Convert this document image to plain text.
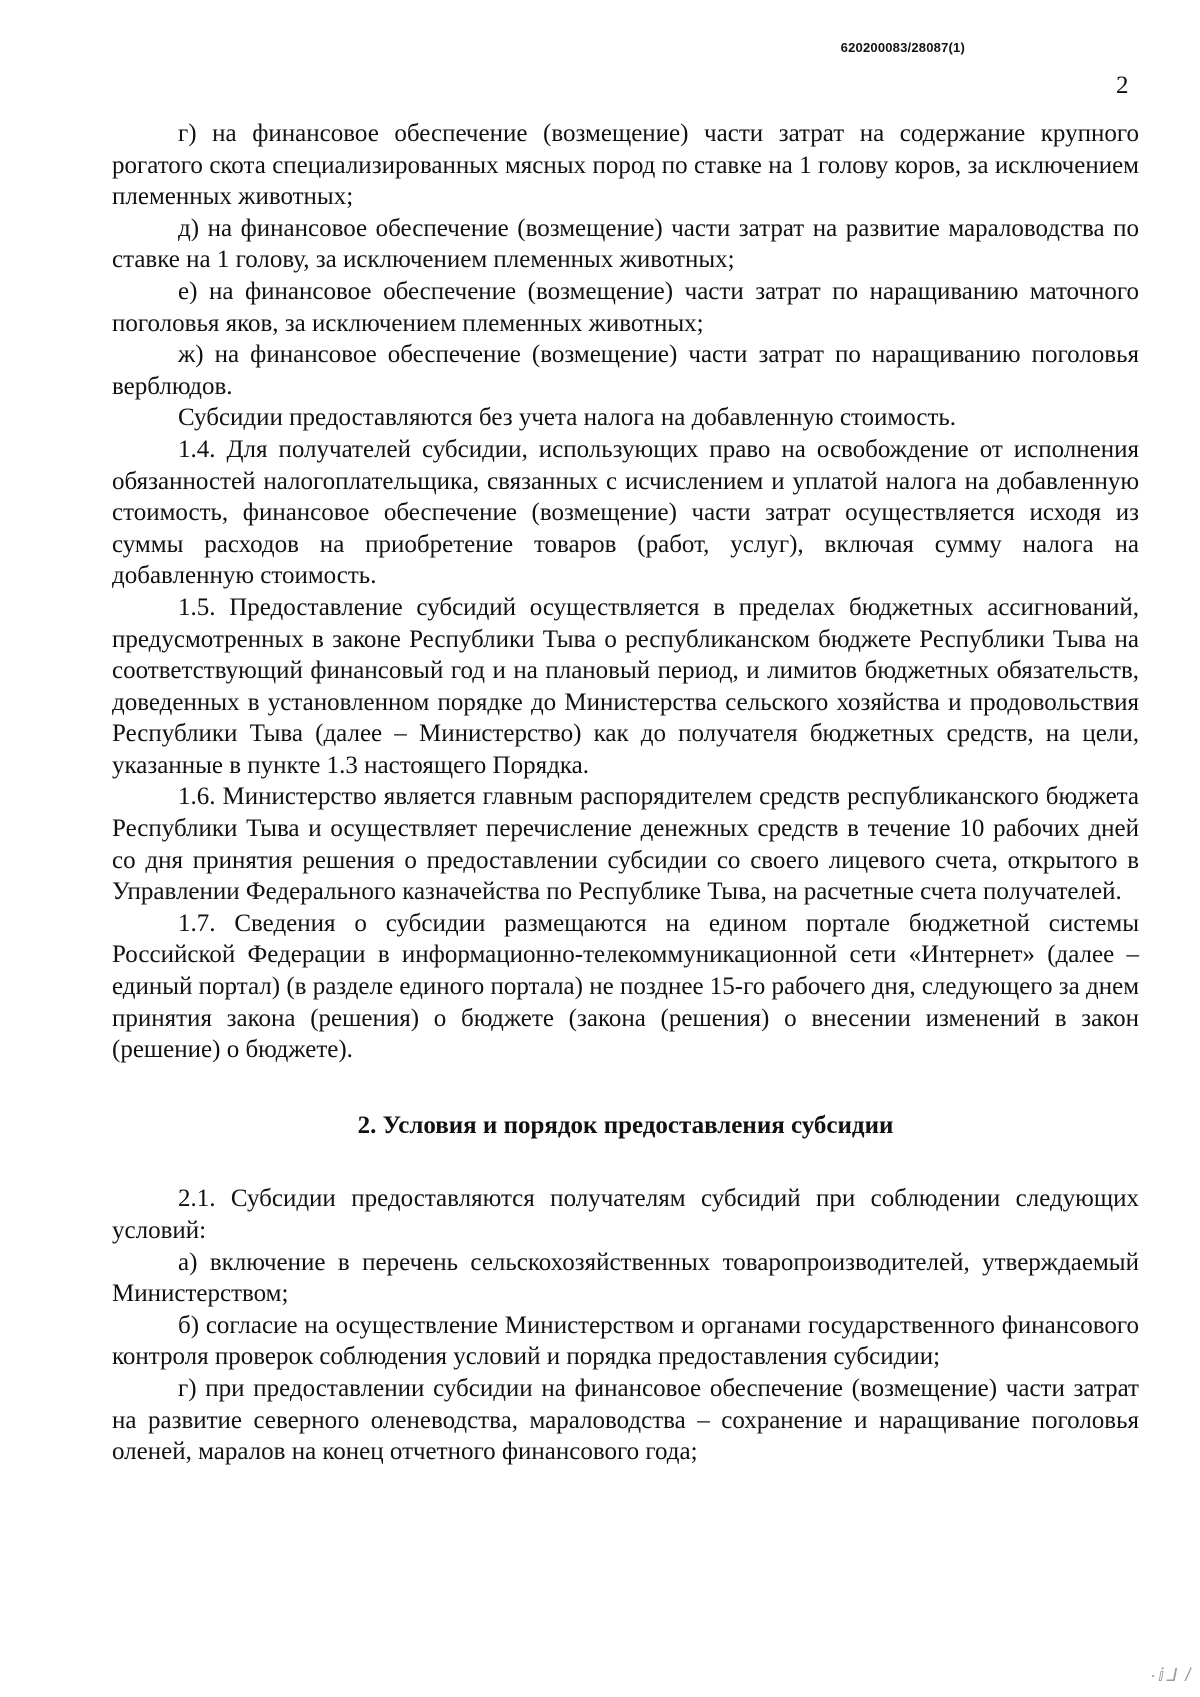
620200083/28087(1)
2

г) на финансовое обеспечение (возмещение) части затрат на содержание крупного рогатого скота специализированных мясных пород по ставке на 1 голову коров, за исключением племенных животных;

д) на финансовое обеспечение (возмещение) части затрат на развитие мараловодства по ставке на 1 голову, за исключением племенных животных;

е) на финансовое обеспечение (возмещение) части затрат по наращиванию маточного поголовья яков, за исключением племенных животных;

ж) на финансовое обеспечение (возмещение) части затрат по наращиванию поголовья верблюдов.

Субсидии предоставляются без учета налога на добавленную стоимость.

1.4. Для получателей субсидии, использующих право на освобождение от исполнения обязанностей налогоплательщика, связанных с исчислением и уплатой налога на добавленную стоимость, финансовое обеспечение (возмещение) части затрат осуществляется исходя из суммы расходов на приобретение товаров (работ, услуг), включая сумму налога на добавленную стоимость.

1.5. Предоставление субсидий осуществляется в пределах бюджетных ассигнований, предусмотренных в законе Республики Тыва о республиканском бюджете Республики Тыва на соответствующий финансовый год и на плановый период, и лимитов бюджетных обязательств, доведенных в установленном порядке до Министерства сельского хозяйства и продовольствия Республики Тыва (далее – Министерство) как до получателя бюджетных средств, на цели, указанные в пункте 1.3 настоящего Порядка.

1.6. Министерство является главным распорядителем средств республиканского бюджета Республики Тыва и осуществляет перечисление денежных средств в течение 10 рабочих дней со дня принятия решения о предоставлении субсидии со своего лицевого счета, открытого в Управлении Федерального казначейства по Республике Тыва, на расчетные счета получателей.

1.7. Сведения о субсидии размещаются на едином портале бюджетной системы Российской Федерации в информационно-телекоммуникационной сети «Интернет» (далее – единый портал) (в разделе единого портала) не позднее 15-го рабочего дня, следующего за днем принятия закона (решения) о бюджете (закона (решения) о внесении изменений в закон (решение) о бюджете).

2. Условия и порядок предоставления субсидии

2.1. Субсидии предоставляются получателям субсидий при соблюдении следующих условий:

а) включение в перечень сельскохозяйственных товаропроизводителей, утверждаемый Министерством;

б) согласие на осуществление Министерством и органами государственного финансового контроля проверок соблюдения условий и порядка предоставления субсидии;

г) при предоставлении субсидии на финансовое обеспечение (возмещение) части затрат на развитие северного оленеводства, мараловодства – сохранение и наращивание поголовья оленей, маралов на конец отчетного финансового года;

·ⅈ⅃ /
